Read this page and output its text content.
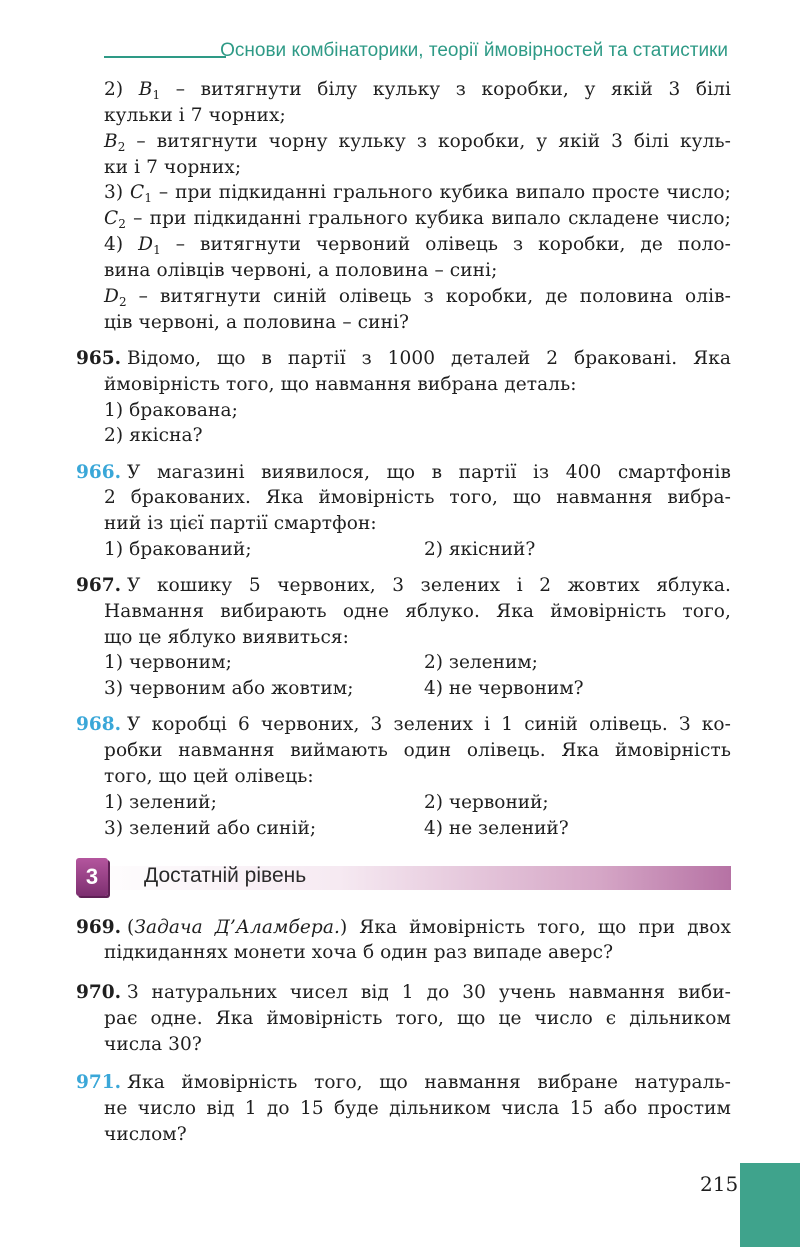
Основи комбінаторики, теорії ймовірностей та статистики
2) $B_1$ – витягнути білу кульку з коробки, у якій 3 білі
кульки і 7 чорних;
$B_2$ – витягнути чорну кульку з коробки, у якій 3 білі куль-
ки і 7 чорних;
3) $C_1$ – при підкиданні грального кубика випало просте число;
$C_2$ – при підкиданні грального кубика випало складене число;
4) $D_1$ – витягнути червоний олівець з коробки, де поло-
вина олівців червоні, а половина – сині;
$D_2$ – витягнути синій олівець з коробки, де половина олів-
ців червоні, а половина – сині?
965. Відомо, що в партії з 1000 деталей 2 браковані. Яка
ймовірність того, що навмання вибрана деталь:
1) бракована;
2) якісна?
966. У магазині виявилося, що в партії із 400 смартфонів
2 бракованих. Яка ймовірність того, що навмання вибра-
ний із цієї партії смартфон:
1) бракований;	2) якісний?
967. У кошику 5 червоних, 3 зелених і 2 жовтих яблука.
Навмання вибирають одне яблуко. Яка ймовірність того,
що це яблуко виявиться:
1) червоним;	2) зеленим;
3) червоним або жовтим;	4) не червоним?
968. У коробці 6 червоних, 3 зелених і 1 синій олівець. З ко-
робки навмання виймають один олівець. Яка ймовірність
того, що цей олівець:
1) зелений;	2) червоний;
3) зелений або синій;	4) не зелений?
3	Достатній рівень
969. (Задача Д’Аламбера.) Яка ймовірність того, що при двох
підкиданнях монети хоча б один раз випаде аверс?
970. З натуральних чисел від 1 до 30 учень навмання виби-
рає одне. Яка ймовірність того, що це число є дільником
числа 30?
971. Яка ймовірність того, що навмання вибране натураль-
не число від 1 до 15 буде дільником числа 15 або простим
числом?
215
